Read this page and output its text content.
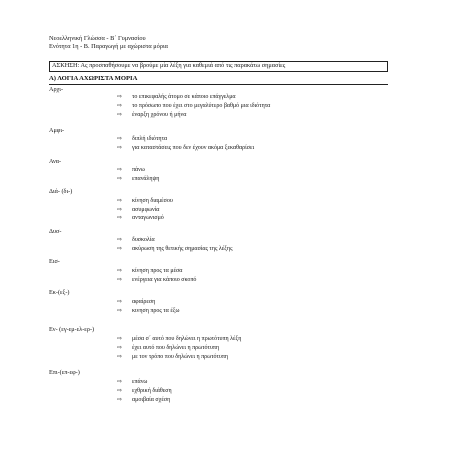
Νεοελληνική Γλώσσα - Β΄ Γυμνασίου
Ενότητα 1η - Β. Παραγωγή με αχώριστα μόρια
ΑΣΚΗΣΗ: Ας προσπαθήσουμε να βρούμε μία λέξη για καθεμιά από τις παρακάτω σημασίες
Α) ΛΟΓΙΑ ΑΧΩΡΙΣΤΑ ΜΟΡΙΑ
Αρχι-
⇨ το επικεφαλής άτομο σε κάποιο επάγγελμα
⇨ το πρόσωπο που έχει στο μεγαλύτερο βαθμό μια ιδιότητα
⇨ έναρξη χρόνου ή μήνα
Αμφι-
⇨ διπλή ιδιότητα
⇨ για καταστάσεις που δεν έχουν ακόμα ξεκαθαρίσει
Ανα-
⇨ πάνω
⇨ επανάληψη
Διά- (δι-)
⇨ κίνηση διαμέσου
⇨ ασυμφωνία
⇨ ανταγωνισμό
Δυσ-
⇨ δυσκολία
⇨ ακύρωση της θετικής σημασίας της λέξης
Εισ-
⇨ κίνηση προς τα μέσα
⇨ ενέργεια για κάποιο σκοπό
Εκ-(εξ-)
⇨ αφαίρεση
⇨ κινηση προς τα έξω
Εν- (εγ-εμ-ελ-ερ-)
⇨ μέσα σ΄ αυτό που δηλώνει η πρωτότυπη λέξη
⇨ έχει αυτό που δηλώνει η πρωτότυπη
⇨ με τον τρόπο που δηλώνει η πρωτότυπη
Επι-(επ-εφ-)
⇨ επάνω
⇨ εχθρική διάθεση
⇨ αμοιβαία σχέση
